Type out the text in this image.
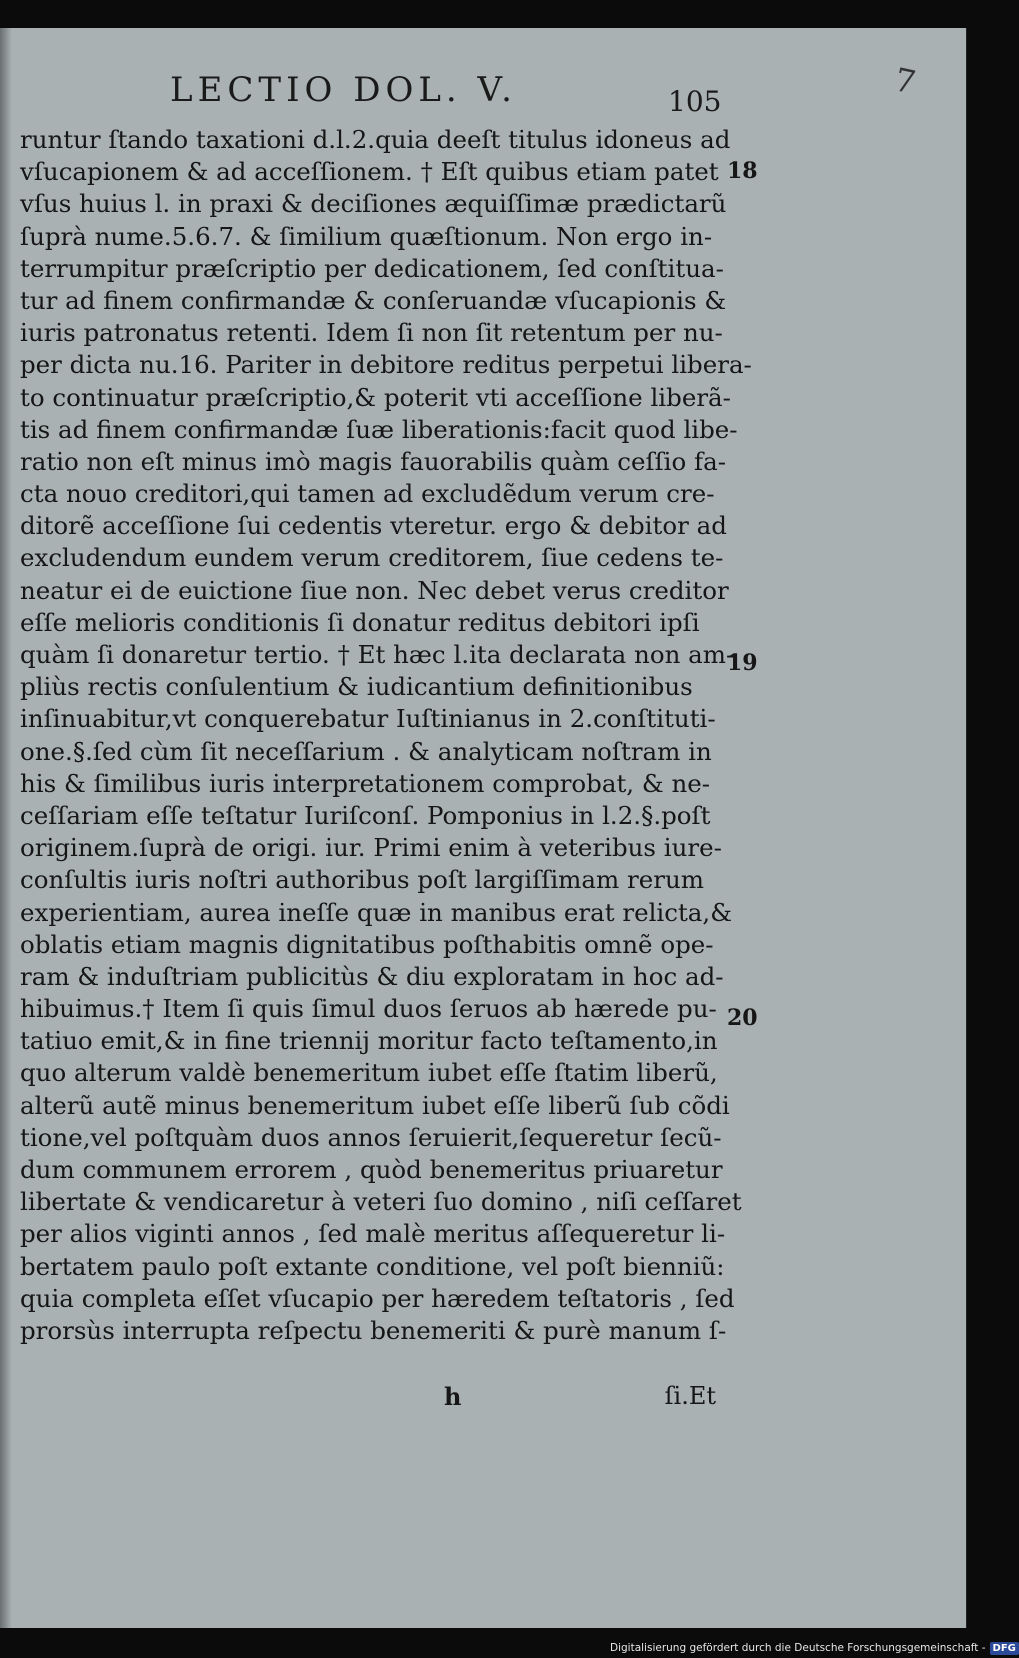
LECTIO DOL. V.	105	7
runtur ſtando taxationi d.l.2.quia deeſt titulus idoneus ad
vſucapionem & ad acceſſionem. † Eſt quibus etiam patet
vſus huius l. in praxi & deciſiones æquiſſimæ prædictarũ
ſuprà nume.5.6.7. & ſimilium quæſtionum. Non ergo in-
terrumpitur præſcriptio per dedicationem, ſed conſtitua-
tur ad finem confirmandæ & conſeruandæ vſucapionis &
iuris patronatus retenti. Idem ſi non ſit retentum per nu-
per dicta nu.16. Pariter in debitore reditus perpetui libera-
to continuatur præſcriptio,& poterit vti acceſſione liberã-
tis ad finem confirmandæ ſuæ liberationis:facit quod libe-
ratio non eſt minus imò magis fauorabilis quàm ceſſio fa-
cta nouo creditori,qui tamen ad excludẽdum verum cre-
ditorẽ acceſſione ſui cedentis vteretur. ergo & debitor ad
excludendum eundem verum creditorem, ſiue cedens te-
neatur ei de euictione ſiue non. Nec debet verus creditor
eſſe melioris conditionis ſi donatur reditus debitori ipſi
quàm ſi donaretur tertio. † Et hæc l.ita declarata non am-
pliùs rectis conſulentium & iudicantium definitionibus
inſinuabitur,vt conquerebatur Iuſtinianus in 2.conſtituti-
one.§.ſed cùm ſit neceſſarium . & analyticam noſtram in
his & ſimilibus iuris interpretationem comprobat, & ne-
ceſſariam eſſe teſtatur Iuriſconſ. Pomponius in l.2.§.poſt
originem.ſuprà de origi. iur. Primi enim à veteribus iure-
conſultis iuris noſtri authoribus poſt largiſſimam rerum
experientiam, aurea ineſſe quæ in manibus erat relicta,&
oblatis etiam magnis dignitatibus poſthabitis omnẽ ope-
ram & induſtriam publicitùs & diu exploratam in hoc ad-
hibuimus.† Item ſi quis ſimul duos ſeruos ab hærede pu-
tatiuo emit,& in fine triennij moritur facto teſtamento,in
quo alterum valdè benemeritum iubet eſſe ſtatim liberũ,
alterũ autẽ minus benemeritum iubet eſſe liberũ ſub cõdi
tione,vel poſtquàm duos annos ſeruierit,ſequeretur ſecũ-
dum communem errorem , quòd benemeritus priuaretur
libertate & vendicaretur à veteri ſuo domino , niſi ceſſaret
per alios viginti annos , ſed malè meritus aſſequeretur li-
bertatem paulo poſt extante conditione, vel poſt bienniũ:
quia completa eſſet vſucapio per hæredem teſtatoris , ſed
prorsùs interrupta reſpectu benemeriti & purè manum ſ-
18
19
20
h	ſi.Et
Digitalisierung gefördert durch die Deutsche Forschungsgemeinschaft - DFG
